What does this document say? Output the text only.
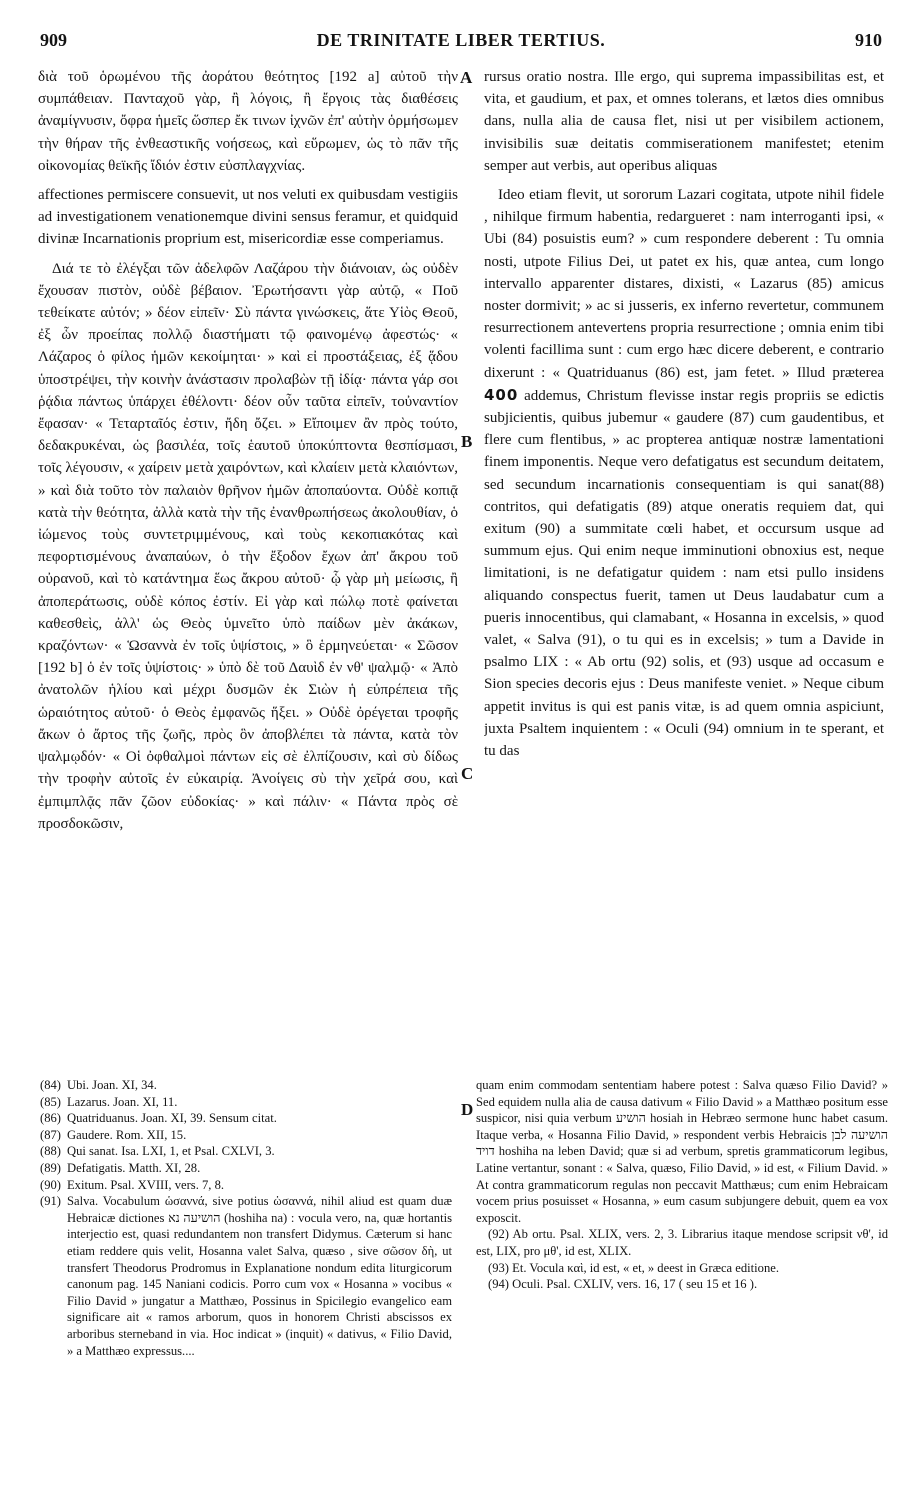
909	DE TRINITATE LIBER TERTIUS.	910
A
B
C
D

διὰ τοῦ ὁρωμένου τῆς ἀοράτου θεότητος [192 a] αὐτοῦ τὴν συμπάθειαν. Πανταχοῦ γὰρ, ἢ λόγοις, ἢ ἔργοις τὰς διαθέσεις ἀναμίγνυσιν, ὄφρα ἡμεῖς ὥσπερ ἔκ τινων ἰχνῶν ἐπ' αὐτὴν ὁρμήσωμεν τὴν θήραν τῆς ἐνθεαστικῆς νοήσεως, καὶ εὕρωμεν, ὡς τὸ πᾶν τῆς οἰκονομίας θεϊκῆς ἴδιόν ἐστιν εὐσπλαγχνίας.

affectiones permiscere consuevit, ut nos veluti ex quibusdam vestigiis ad investigationem venationemque divini sensus feramur, et quidquid divinæ Incarnationis proprium est, misericordiæ esse comperiamus.

Διά τε τὸ ἐλέγξαι τῶν ἀδελφῶν Λαζάρου τὴν διάνοιαν, ὡς οὐδὲν ἔχουσαν πιστὸν, οὐδὲ βέβαιον. Ἐρωτήσαντι γὰρ αὐτῷ, « Ποῦ τεθείκατε αὐτόν; » δέον εἰπεῖν· Σὺ πάντα γινώσκεις, ἅτε Υἱὸς Θεοῦ, ἐξ ὧν προείπας πολλῷ διαστήματι τῷ φαινομένῳ ἀφεστώς· « Λάζαρος ὁ φίλος ἡμῶν κεκοίμηται· » καὶ εἰ προστάξειας, ἐξ ᾅδου ὑποστρέψει, τὴν κοινὴν ἀνάστασιν προλαβὼν τῇ ἰδίᾳ· πάντα γάρ σοι ῥᾴδια πάντως ὑπάρχει ἐθέλοντι· δέον οὖν ταῦτα εἰπεῖν, τοὐναντίον ἔφασαν· « Τεταρταῖός ἐστιν, ἤδη ὄζει. » Εἴποιμεν ἂν πρὸς τούτο, δεδακρυκέναι, ὡς βασιλέα, τοῖς ἑαυτοῦ ὑποκύπτοντα θεσπίσμασι, τοῖς λέγουσιν, « χαίρειν μετὰ χαιρόντων, καὶ κλαίειν μετὰ κλαιόντων, » καὶ διὰ τοῦτο τὸν παλαιὸν θρῆνον ἡμῶν ἀποπαύοντα. Οὐδὲ κοπιᾷ κατὰ τὴν θεότητα, ἀλλὰ κατὰ τὴν τῆς ἐνανθρωπήσεως ἀκολουθίαν, ὁ ἰώμενος τοὺς συντετριμμένους, καὶ τοὺς κεκοπιακότας καὶ πεφορτισμένους ἀναπαύων, ὁ τὴν ἔξοδον ἔχων ἀπ' ἄκρου τοῦ οὐρανοῦ, καὶ τὸ κατάντημα ἕως ἄκρου αὐτοῦ· ᾧ γὰρ μὴ μείωσις, ἢ ἀποπεράτωσις, οὐδὲ κόπος ἐστίν. Εἰ γὰρ καὶ πώλῳ ποτὲ φαίνεται καθεσθεὶς, ἀλλ' ὡς Θεὸς ὑμνεῖτο ὑπὸ παίδων μὲν ἀκάκων, κραζόντων· « Ὡσαννὰ ἐν τοῖς ὑψίστοις, » ὃ ἑρμηνεύεται· « Σῶσον [192 b] ὁ ἐν τοῖς ὑψίστοις· » ὑπὸ δὲ τοῦ Δαυὶδ ἐν νθ' ψαλμῷ· « Ἀπὸ ἀνατολῶν ἡλίου καὶ μέχρι δυσμῶν ἐκ Σιὼν ἡ εὐπρέπεια τῆς ὡραιότητος αὐτοῦ· ὁ Θεὸς ἐμφανῶς ἥξει. » Οὐδὲ ὀρέγεται τροφῆς ἄκων ὁ ἄρτος τῆς ζωῆς, πρὸς ὃν ἀποβλέπει τὰ πάντα, κατὰ τὸν ψαλμῳδόν· « Οἱ ὀφθαλμοὶ πάντων εἰς σὲ ἐλπίζουσιν, καὶ σὺ δίδως τὴν τροφὴν αὐτοῖς ἐν εὐκαιρίᾳ. Ἀνοίγεις σὺ τὴν χεῖρά σου, καὶ ἐμπιμπλᾷς πᾶν ζῶον εὐδοκίας· » καὶ πάλιν· « Πάντα πρὸς σὲ προσδοκῶσιν,

rursus oratio nostra. Ille ergo, qui suprema impassibilitas est, et vita, et gaudium, et pax, et omnes tolerans, et lætos dies omnibus dans, nulla alia de causa flet, nisi ut per visibilem actionem, invisibilis suæ deitatis commiserationem manifestet; etenim semper aut verbis, aut operibus aliquas

Ideo etiam flevit, ut sororum Lazari cogitata, utpote nihil fidele , nihilque firmum habentia, redargueret : nam interroganti ipsi, « Ubi (84) posuistis eum? » cum respondere deberent : Tu omnia nosti, utpote Filius Dei, ut patet ex his, quæ antea, cum longo intervallo apparenter distares, dixisti, « Lazarus (85) amicus noster dormivit; » ac si jusseris, ex inferno revertetur, communem resurrectionem antevertens propria resurrectione ; omnia enim tibi volenti facillima sunt : cum ergo hæc dicere deberent, e contrario dixerunt : « Quatriduanus (86) est, jam fetet. » Illud præterea 400 addemus, Christum flevisse instar regis propriis se edictis subjicientis, quibus jubemur « gaudere (87) cum gaudentibus, et flere cum flentibus, » ac propterea antiquæ nostræ lamentationi finem imponentis. Neque vero defatigatus est secundum deitatem, sed secundum incarnationis consequentiam is qui sanat(88) contritos, qui defatigatis (89) atque oneratis requiem dat, qui exitum (90) a summitate cœli habet, et occursum usque ad summum ejus. Qui enim neque imminutioni obnoxius est, neque limitationi, is ne defatigatur quidem : nam etsi pullo insidens aliquando conspectus fuerit, tamen ut Deus laudabatur cum a pueris innocentibus, qui clamabant, « Hosanna in excelsis, » quod valet, « Salva (91), o tu qui es in excelsis; » tum a Davide in psalmo LIX : « Ab ortu (92) solis, et (93) usque ad occasum e Sion species decoris ejus : Deus manifeste veniet. » Neque cibum appetit invitus is qui est panis vitæ, is ad quem omnia aspiciunt, juxta Psaltem inquientem : « Oculi (94) omnium in te sperant, et tu das

(84) Ubi. Joan. XI, 34.
(85) Lazarus. Joan. XI, 11.
(86) Quatriduanus. Joan. XI, 39. Sensum citat.
(87) Gaudere. Rom. XII, 15.
(88) Qui sanat. Isa. LXI, 1, et Psal. CXLVI, 3.
(89) Defatigatis. Matth. XI, 28.
(90) Exitum. Psal. XVIII, vers. 7, 8.
(91) Salva. Vocabulum ὡσαννά, sive potius ὡσαννά, nihil aliud est quam duæ Hebraicæ dictiones הושיעה נא (hoshiha na) : vocula vero, na, quæ hortantis interjectio est, quasi redundantem non transfert Didymus. Cæterum si hanc etiam reddere quis velit, Hosanna valet Salva, quæso , sive σῶσον δὴ, ut transfert Theodorus Prodromus in Explanatione nondum edita liturgicorum canonum pag. 145 Naniani codicis. Porro cum vox « Hosanna » vocibus « Filio David » jungatur a Matthæo, Possinus in Spicilegio evangelico eam significare ait « ramos arborum, quos in honorem Christi abscissos ex arboribus sterneband in via. Hoc indicat » (inquit) « dativus, « Filio David, » a Matthæo expressus....

quam enim commodam sententiam habere potest : Salva quæso Filio David? » Sed equidem nulla alia de causa dativum « Filio David » a Matthæo positum esse suspicor, nisi quia verbum הושיע hosiah in Hebræo sermone hunc habet casum. Itaque verba, « Hosanna Filio David, » respondent verbis Hebraicis הושיעה לבן דויד hoshiha na leben David; quæ si ad verbum, spretis grammaticorum legibus, Latine vertantur, sonant : « Salva, quæso, Filio David, » id est, « Filium David. » At contra grammaticorum regulas non peccavit Matthæus; cum enim Hebraicam vocem prius posuisset « Hosanna, » eum casum subjungere debuit, quem ea vox exposcit.

(92) Ab ortu. Psal. XLIX, vers. 2, 3. Librarius itaque mendose scripsit νθ', id est, LIX, pro μθ', id est, XLIX.

(93) Et. Vocula καὶ, id est, « et, » deest in Græca editione.

(94) Oculi. Psal. CXLIV, vers. 16, 17 ( seu 15 et 16 ).
